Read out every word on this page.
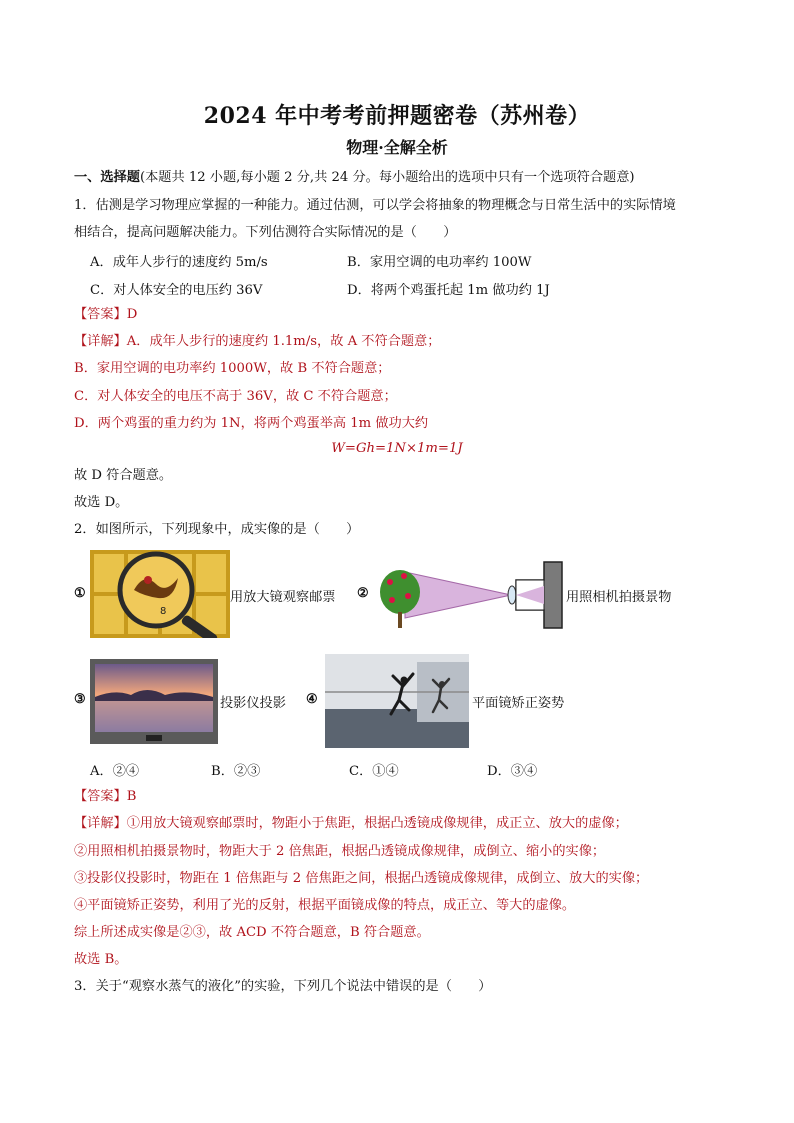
2024 年中考考前押题密卷（苏州卷）
物理·全解全析
一、选择题(本题共 12 小题,每小题 2 分,共 24 分。每小题给出的选项中只有一个选项符合题意)
1．估测是学习物理应掌握的一种能力。通过估测，可以学会将抽象的物理概念与日常生活中的实际情境
相结合，提高问题解决能力。下列估测符合实际情况的是（　　）
A．成年人步行的速度约 5m/s	B．家用空调的电功率约 100W
C．对人体安全的电压约 36V	D．将两个鸡蛋托起 1m 做功约 1J
【答案】D
【详解】A．成年人步行的速度约 1.1m/s，故 A 不符合题意；
B．家用空调的电功率约 1000W，故 B 不符合题意；
C．对人体安全的电压不高于 36V，故 C 不符合题意；
D．两个鸡蛋的重力约为 1N，将两个鸡蛋举高 1m 做功大约
W=Gh=1N×1m=1J
故 D 符合题意。
故选 D。
2．如图所示，下列现象中，成实像的是（　　）
①
8
用放大镜观察邮票 ②	用照相机拍摄景物
③	投影仪投影 ④	平面镜矫正姿势
A．②④	B．②③	C．①④	D．③④
【答案】B
【详解】①用放大镜观察邮票时，物距小于焦距，根据凸透镜成像规律，成正立、放大的虚像；
②用照相机拍摄景物时，物距大于 2 倍焦距，根据凸透镜成像规律，成倒立、缩小的实像；
③投影仪投影时，物距在 1 倍焦距与 2 倍焦距之间，根据凸透镜成像规律，成倒立、放大的实像；
④平面镜矫正姿势，利用了光的反射，根据平面镜成像的特点，成正立、等大的虚像。
综上所述成实像是②③，故 ACD 不符合题意，B 符合题意。
故选 B。
3．关于“观察水蒸气的液化”的实验，下列几个说法中错误的是（　　）
